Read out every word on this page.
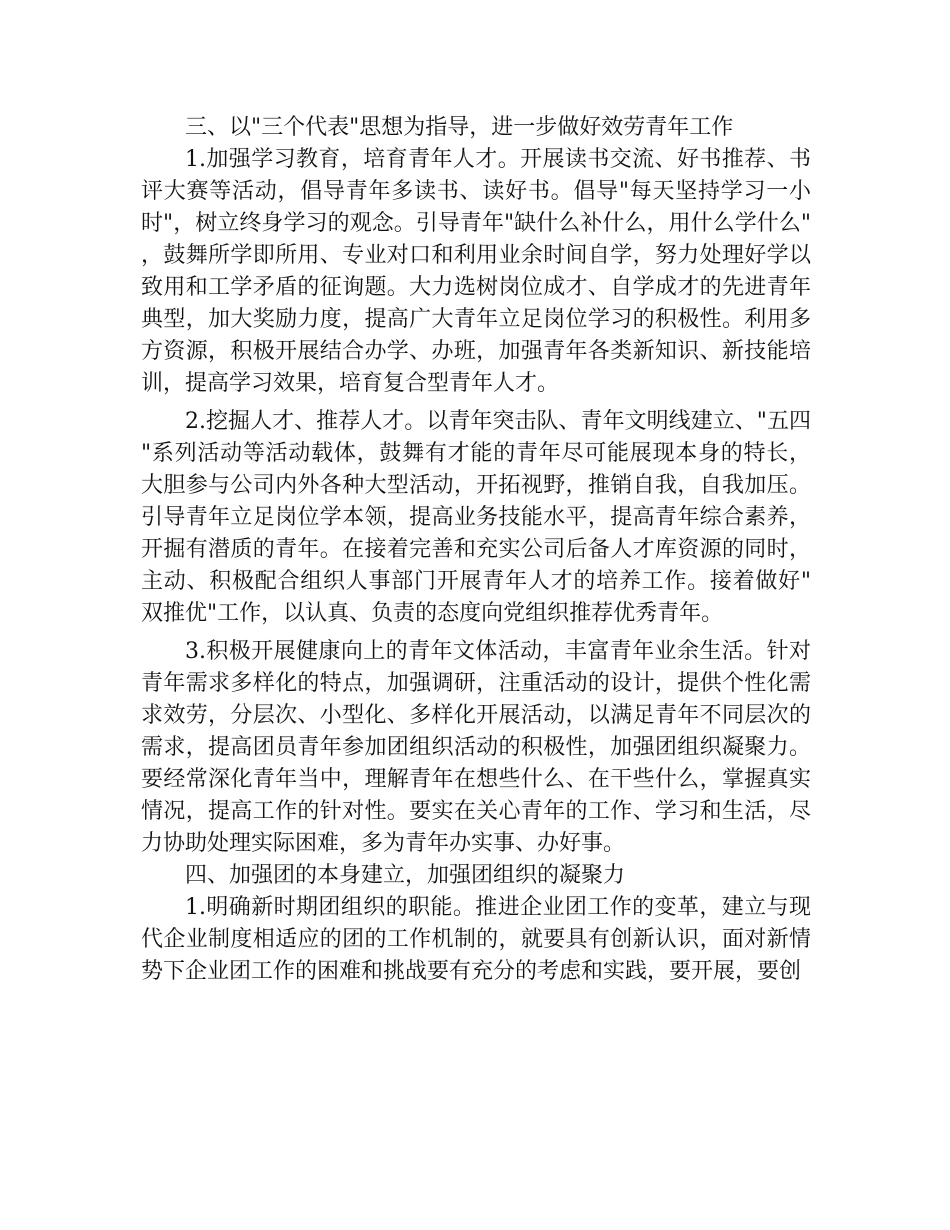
三、以"三个代表"思想为指导，进一步做好效劳青年工作

1.加强学习教育，培育青年人才。开展读书交流、好书推荐、书评大赛等活动，倡导青年多读书、读好书。倡导"每天坚持学习一小时"，树立终身学习的观念。引导青年"缺什么补什么，用什么学什么"，鼓舞所学即所用、专业对口和利用业余时间自学，努力处理好学以致用和工学矛盾的征询题。大力选树岗位成才、自学成才的先进青年典型，加大奖励力度，提高广大青年立足岗位学习的积极性。利用多方资源，积极开展结合办学、办班，加强青年各类新知识、新技能培训，提高学习效果，培育复合型青年人才。

2.挖掘人才、推荐人才。以青年突击队、青年文明线建立、"五四"系列活动等活动载体，鼓舞有才能的青年尽可能展现本身的特长，大胆参与公司内外各种大型活动，开拓视野，推销自我，自我加压。引导青年立足岗位学本领，提高业务技能水平，提高青年综合素养，开掘有潜质的青年。在接着完善和充实公司后备人才库资源的同时，主动、积极配合组织人事部门开展青年人才的培养工作。接着做好"双推优"工作，以认真、负责的态度向党组织推荐优秀青年。

3.积极开展健康向上的青年文体活动，丰富青年业余生活。针对青年需求多样化的特点，加强调研，注重活动的设计，提供个性化需求效劳，分层次、小型化、多样化开展活动，以满足青年不同层次的需求，提高团员青年参加团组织活动的积极性，加强团组织凝聚力。要经常深化青年当中，理解青年在想些什么、在干些什么，掌握真实情况，提高工作的针对性。要实在关心青年的工作、学习和生活，尽力协助处理实际困难，多为青年办实事、办好事。

四、加强团的本身建立，加强团组织的凝聚力

1.明确新时期团组织的职能。推进企业团工作的变革，建立与现代企业制度相适应的团的工作机制的，就要具有创新认识，面对新情势下企业团工作的困难和挑战要有充分的考虑和实践，要开展，要创
